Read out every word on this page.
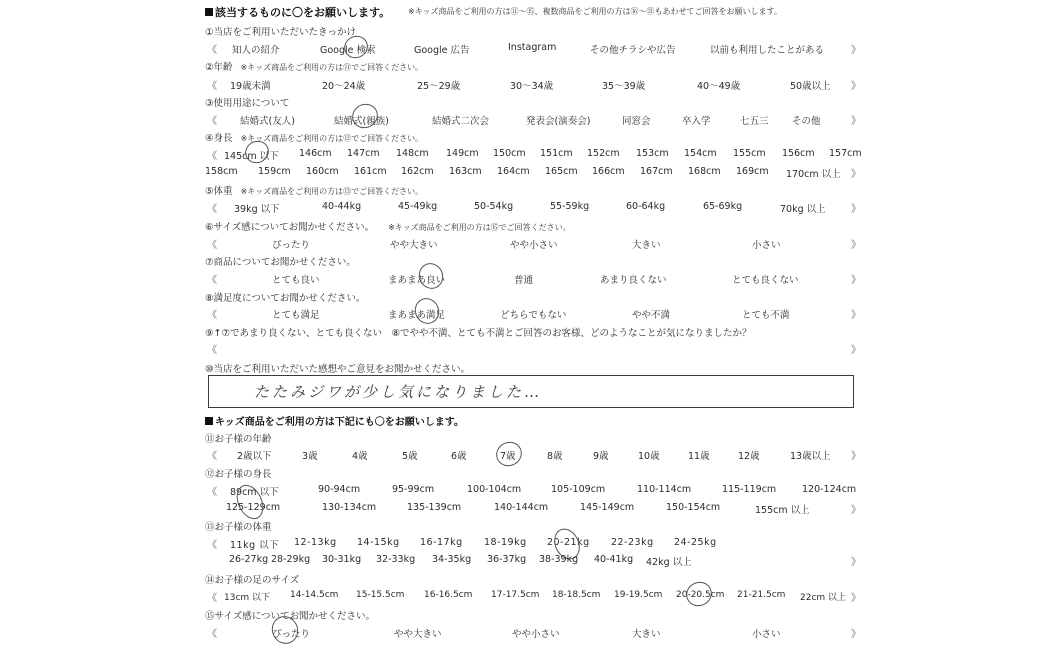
該当するものに〇をお願いします。 ※キッズ商品をご利用の方は⑪～⑮、複数商品をご利用の方は⑯～㉑もあわせてご回答をお願いします。
①当店をご利用いただいたきっかけ
《 知人の紹介	Google 検索	Google 広告	Instagram	その他チラシや広告	以前も利用したことがある	》
②年齢 ※キッズ商品をご利用の方は⑪でご回答ください。
《 19歳未満	20～24歳	25～29歳	30～34歳	35～39歳	40～49歳	50歳以上 》
③使用用途について
《 結婚式(友人)	結婚式(親族)	結婚式二次会	発表会(演奏会)	同窓会	卒入学	七五三 その他	》
④身長 ※キッズ商品をご利用の方は⑫でご回答ください。
《 145cm 以下 146cm 147cm 148cm 149cm 150cm 151cm 152cm 153cm 154cm 155cm 156cm 157cm
158cm 159cm 160cm 161cm 162cm 163cm 164cm 165cm 166cm 167cm 168cm 169cm 170cm 以上 》
⑤体重 ※キッズ商品をご利用の方は⑬でご回答ください。
《 39kg 以下	40-44kg	45-49kg	50-54kg	55-59kg	60-64kg	65-69kg	70kg 以上	》
⑥サイズ感についてお聞かせください。 ※キッズ商品をご利用の方は⑮でご回答ください。
《	ぴったり	やや大きい	やや小さい	大きい	小さい	》
⑦商品についてお聞かせください。
《	とても良い	まあまあ良い	普通	あまり良くない	とても良くない	》
⑧満足度についてお聞かせください。
《	とても満足	まあまあ満足	どちらでもない	やや不満	とても不満	》
⑨↑⑦であまり良くない、とても良くない　⑧でやや不満、とても不満とご回答のお客様、どのようなことが気になりましたか？
《	》
⑩当店をご利用いただいた感想やご意見をお聞かせください。
たたみジワが少し気になりました…
キッズ商品をご利用の方は下記にも〇をお願いします。
⑪お子様の年齢
《 2歳以下	3歳	4歳	5歳	6歳	7歳	8歳	9歳	10歳	11歳	12歳	13歳以上 》
⑫お子様の身長
《 89cm 以下	90-94cm	95-99cm	100-104cm	105-109cm	110-114cm	115-119cm	120-124cm
125-129cm	130-134cm	135-139cm	140-144cm	145-149cm	150-154cm	155cm 以上	》
⑬お子様の体重
《 11kg 以下 12-13kg 14-15kg 16-17kg 18-19kg 20-21kg 22-23kg 24-25kg
26-27kg 28-29kg 30-31kg 32-33kg 34-35kg 36-37kg 38-39kg 40-41kg 42kg 以上	》
⑭お子様の足のサイズ
《 13cm 以下 14-14.5cm 15-15.5cm 16-16.5cm 17-17.5cm 18-18.5cm 19-19.5cm 20-20.5cm 21-21.5cm 22cm 以上 》
⑮サイズ感についてお聞かせください。
《	ぴったり	やや大きい	やや小さい	大きい	小さい	》
